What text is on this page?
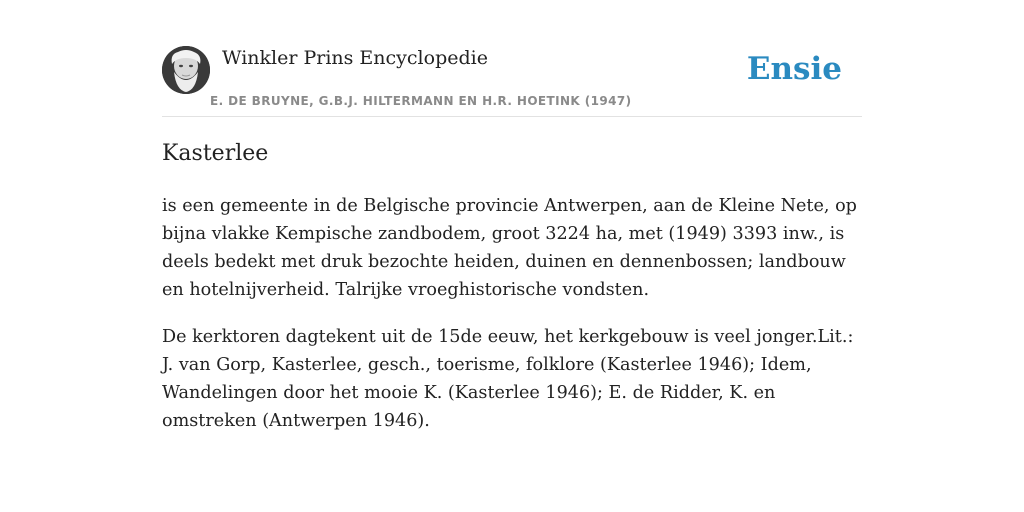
Winkler Prins Encyclopedie
E. DE BRUYNE, G.B.J. HILTERMANN EN H.R. HOETINK (1947)
Ensie
Kasterlee

is een gemeente in de Belgische provincie Antwerpen, aan de Kleine Nete, op bijna vlakke Kempische zandbodem, groot 3224 ha, met (1949) 3393 inw., is deels bedekt met druk bezochte heiden, duinen en dennenbossen; landbouw en hotelnijverheid. Talrijke vroeghistorische vondsten.

De kerktoren dagtekent uit de 15de eeuw, het kerkgebouw is veel jonger.Lit.: J. van Gorp, Kasterlee, gesch., toerisme, folklore (Kasterlee 1946); Idem, Wandelingen door het mooie K. (Kasterlee 1946); E. de Ridder, K. en omstreken (Antwerpen 1946).
